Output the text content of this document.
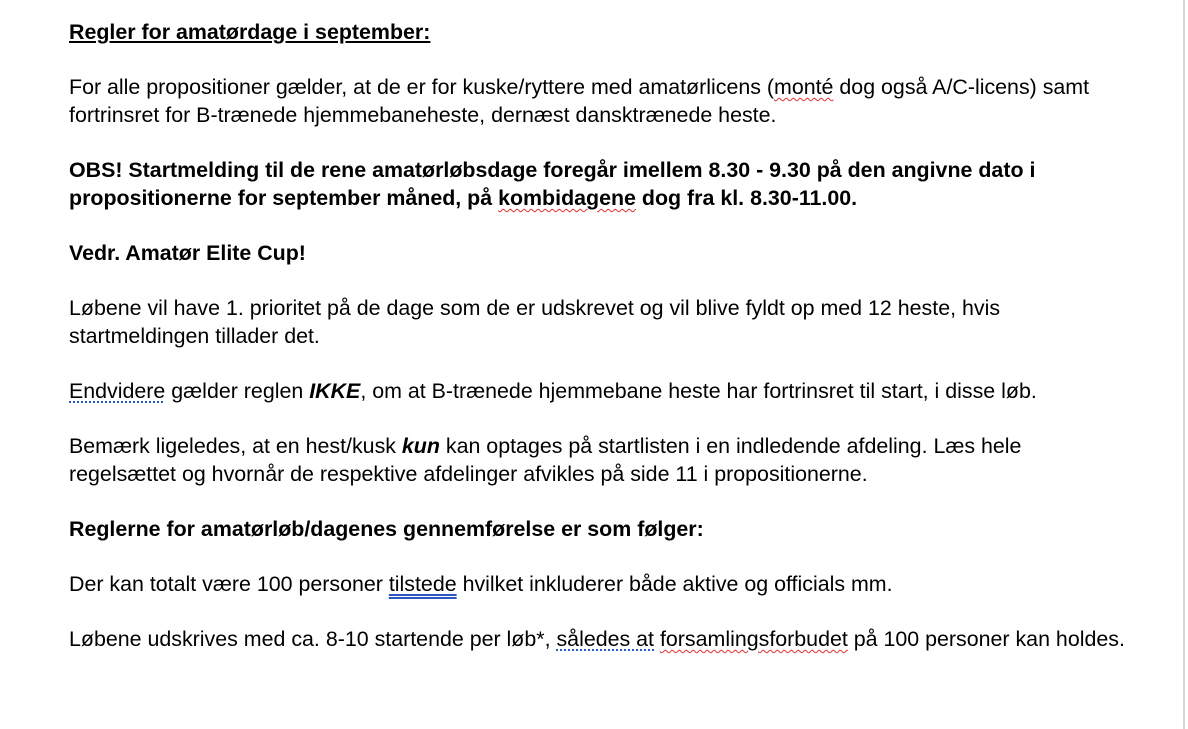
Regler for amatørdage i september:

For alle propositioner gælder, at de er for kuske/ryttere med amatørlicens (monté dog også A/C-licens) samt fortrinsret for B-trænede hjemmebaneheste, dernæst dansktrænede heste.

OBS! Startmelding til de rene amatørløbsdage foregår imellem 8.30 - 9.30 på den angivne dato i propositionerne for september måned, på kombidagene dog fra kl. 8.30-11.00.

Vedr. Amatør Elite Cup!

Løbene vil have 1. prioritet på de dage som de er udskrevet og vil blive fyldt op med 12 heste, hvis startmeldingen tillader det.

Endvidere gælder reglen IKKE, om at B-trænede hjemmebane heste har fortrinsret til start, i disse løb.

Bemærk ligeledes, at en hest/kusk kun kan optages på startlisten i en indledende afdeling. Læs hele regelsættet og hvornår de respektive afdelinger afvikles på side 11 i propositionerne.

Reglerne for amatørløb/dagenes gennemførelse er som følger:

Der kan totalt være 100 personer tilstede hvilket inkluderer både aktive og officials mm.

Løbene udskrives med ca. 8-10 startende per løb*, således at forsamlingsforbudet på 100 personer kan holdes.
